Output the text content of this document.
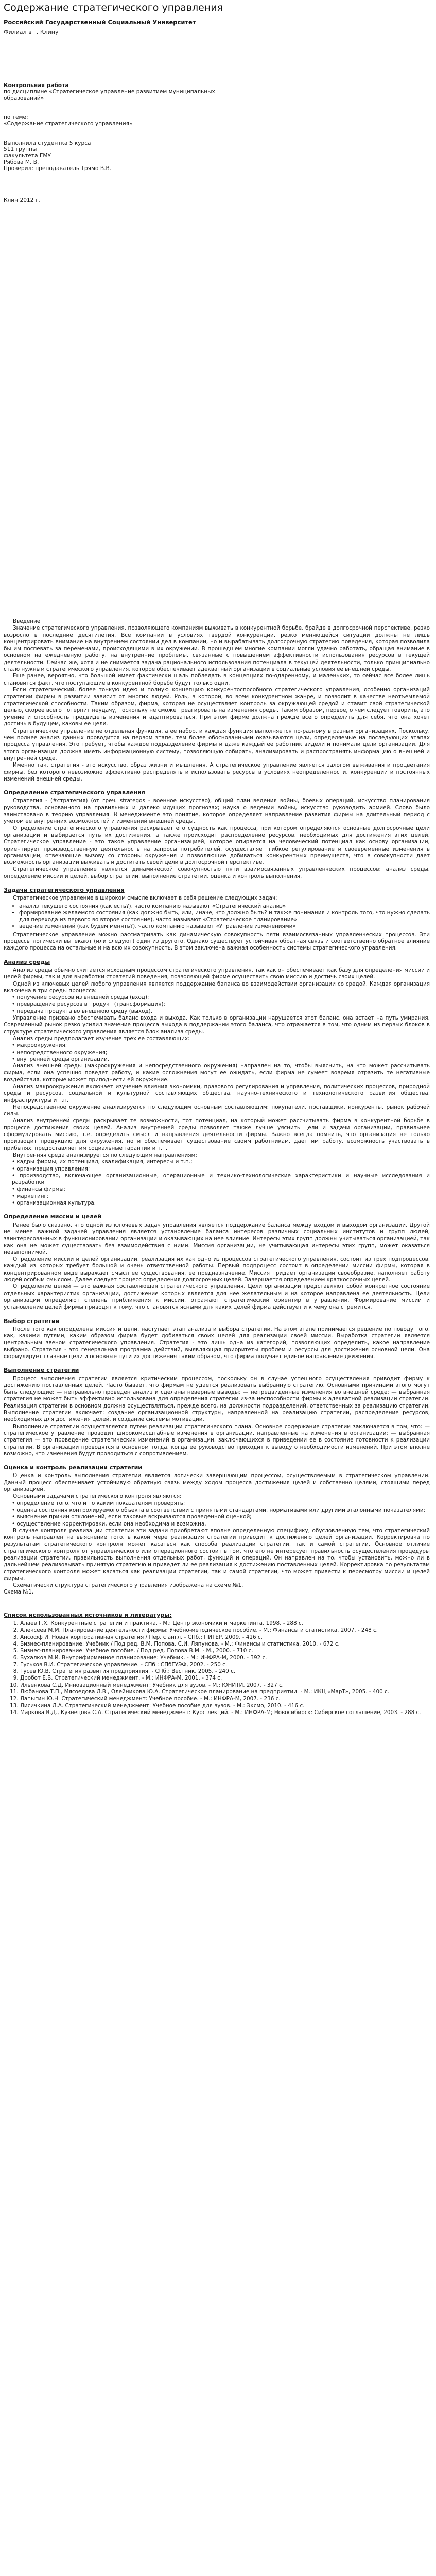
Содержание стратегического управления
Российский Государственный Социальный Университет
Филиал в г. Клину
Контрольная работа
по дисциплине «Стратегическое управление развитием муниципальных
образований»
по теме:
«Содержание стратегического управления»
Выполнила студентка 5 курса
511 группы
факультета ГМУ
Рябова М. В.
Проверил: преподаватель Трямо В.В.
Клин 2012 г.

Введение

Значение стратегического управления, позволяющего компаниям выживать в конкурентной борьбе, брайде в долгосрочной перспективе, резко возросло в последние десятилетия. Все компании в условиях твердой конкуренции, резко меняющейся ситуации должны не лишь концентрировать внимание на внутреннем состоянии дел в компании, но и вырабатывать долгосрочную стратегию поведения, которая позволила бы им поспевать за переменами, происходящими в их окружении. В прошедшем многие компании могли удачно работать, обращая внимание в основном на ежедневную работу, на внутренние проблемы, связанные с повышением эффективности использования ресурсов в текущей деятельности. Сейчас же, хотя и не снимается задача рационального использования потенциала в текущей деятельности, только принципиально стало нужным стратегического управления, которое обеспечивает адекватный организации в социальные условия её внешней среды.

Еще ранее, вероятно, что большой имеет фактически шаль побледать в концепциях по-одаренному, и маленьких, то сейчас все более лишь становится факт, что поступающие в конкурентной борьбе будут только одни.

Если стратегический, более тонкую идею и полную концепцию конкурентоспособного стратегического управления, особенно организаций стратегии фирмы в развитии зависит от многих людей. Роль, в которой, во всем конкурентном жанре, и позволит в качестве неотъемлемой стратегической способности. Таким образом, фирма, которая не осуществляет контроль за окружающей средой и ставит свой стратегической целью, скорее всего потерпит неудачу, поскольку не сможет реагировать на изменения среды. Таким образом, первое, о чем следует говорить, это умение и способность предвидеть изменения и адаптироваться. При этом фирме должна прежде всего определить для себя, что она хочет достичь в будущем, каковы ее цели.

Стратегическое управление не отдельная функция, а ее набор, и каждая функция выполняется по-разному в разных организациях. Поскольку, чем полнее анализ данных проводится на первом этапе, тем более обоснованными оказываются цели, определяемые на последующих этапах процесса управления. Это требует, чтобы каждое подразделение фирмы и даже каждый ее работник видели и понимали цели организации. Для этого организация должна иметь информационную систему, позволяющую собирать, анализировать и распространять информацию о внешней и внутренней среде.

Именно так, стратегия - это искусство, образ жизни и мышления. А стратегическое управление является залогом выживания и процветания фирмы, без которого невозможно эффективно распределять и использовать ресурсы в условиях неопределенности, конкуренции и постоянных изменений внешней среды.

Определение стратегического управления

Стратегия - (#стратегия) (от греч. strategos - военное искусство), общий план ведения войны, боевых операций, искусство планирования руководства, основанного на правильных и далеко идущих прогнозах; наука о ведении войны, искусство руководить армией. Слово было заимствовано в теорию управления. В менеджменте это понятие, которое определяет направление развития фирмы на длительный период с учетом ее внутренних возможностей и изменений внешней среды.

Определение стратегического управления раскрывает его сущность как процесса, при котором определяются основные долгосрочные цели организации и выбирается путь их достижения, а также происходит распределение ресурсов, необходимых для достижения этих целей. Стратегическое управление - это такое управление организацией, которое опирается на человеческий потенциал как основу организации, ориентирует производственную деятельность на запросы потребителей, осуществляет гибкое регулирование и своевременные изменения в организации, отвечающие вызову со стороны окружения и позволяющие добиваться конкурентных преимуществ, что в совокупности дает возможность организации выживать и достигать своей цели в долгосрочной перспективе.

Стратегическое управление является динамической совокупностью пяти взаимосвязанных управленческих процессов: анализ среды, определение миссии и целей, выбор стратегии, выполнение стратегии, оценка и контроль выполнения.

Задачи стратегического управления

Стратегическое управление в широком смысле включает в себя решение следующих задач:

• анализ текущего состояния (как есть?), часто компанию называют «Стратегический анализ»
• формирование желаемого состояния (как должно быть, или, иначе, что должно быть? и также понимания и контроль того, что нужно сделать для перехода из первого во второе состояние), часто называют «Стратегическое планирование»
• ведение изменений (как будем менять?), часто компанию называют «Управление изменениями»

Стратегическое управление можно рассматривать как динамическую совокупность пяти взаимосвязанных управленческих процессов. Эти процессы логически вытекают (или следуют) один из другого. Однако существует устойчивая обратная связь и соответственно обратное влияние каждого процесса на остальные и на всю их совокупность. В этом заключена важная особенность системы стратегического управления.

Анализ среды

Анализ среды обычно считается исходным процессом стратегического управления, так как он обеспечивает как базу для определения миссии и целей фирмы, так и для выработки стратегий поведения, позволяющей фирме осуществить свою миссию и достичь своих целей.

Одной из ключевых целей любого управления является поддержание баланса во взаимодействии организации со средой. Каждая организация включена в три среды процесса:

• получение ресурсов из внешней среды (вход);

• превращение ресурсов в продукт (трансформация);

• передача продукта во внешнюю среду (выход).

Управление призвано обеспечивать баланс входа и выхода. Как только в организации нарушается этот баланс, она встает на путь умирания. Современный рынок резко усилил значение процесса выхода в поддержании этого баланса, что отражается в том, что одним из первых блоков в структуре стратегического управления является блок анализа среды.

Анализ среды предполагает изучение трех ее составляющих:

• макроокружения;

• непосредственного окружения;

• внутренней среды организации.

Анализ внешней среды (макроокружения и непосредственного окружения) направлен на то, чтобы выяснить, на что может рассчитывать фирма, если она успешно поведет работу, и какие осложнения могут ее ожидать, если фирма не сумеет вовремя отразить те негативные воздействия, которые может приподнести ей окружение.

Анализ макроокружения включает изучение влияния экономики, правового регулирования и управления, политических процессов, природной среды и ресурсов, социальной и культурной составляющих общества, научно-технического и технологического развития общества, инфраструктуры и т.п.

Непосредственное окружение анализируется по следующим основным составляющим: покупатели, поставщики, конкуренты, рынок рабочей силы.

Анализ внутренней среды раскрывает те возможности, тот потенциал, на который может рассчитывать фирма в конкурентной борьбе в процессе достижения своих целей. Анализ внутренней среды позволяет также лучше уяснить цели и задачи организации, правильнее сформулировать миссию, т.е. определить смысл и направления деятельности фирмы. Важно всегда помнить, что организация не только производит продукцию для окружения, но и обеспечивает существование своим работникам, дает им работу, возможность участвовать в прибылях, предоставляет им социальные гарантии и т.п.

Внутренняя среда анализируется по следующим направлениям:

• кадры фирмы, их потенциал, квалификация, интересы и т.п.;

• организация управления;

• производство, включающее организационные, операционные и технико-технологические характеристики и научные исследования и разработки

• финансы фирмы;

• маркетинг;

• организационная культура.

Определение миссии и целей

Ранее было сказано, что одной из ключевых задач управления является поддержание баланса между входом и выходом организации. Другой не менее важной задачей управления является установление баланса интересов различных социальных институтов и групп людей, заинтересованных в функционировании организации и оказывающих на нее влияние. Интересы этих групп должны учитываться организацией, так как она не может существовать без взаимодействия с ними. Миссия организации, не учитывающая интересы этих групп, может оказаться невыполнимой.

Определение миссии и целей организации, реализация их как одно из процессов стратегического управления, состоит из трех подпроцессов, каждый из которых требует большой и очень ответственной работы. Первый подпроцесс состоит в определении миссии фирмы, которая в концентрированном виде выражает смысл ее существования, ее предназначение. Миссия придает организации своеобразие, наполняет работу людей особым смыслом. Далее следует процесс определения долгосрочных целей. Завершается определением краткосрочных целей.

Определение целей — это важная составляющая стратегического управления. Цели организации представляют собой конкретное состояние отдельных характеристик организации, достижение которых является для нее желательным и на которое направлена ее деятельность. Цели организации определяют степень приближения к миссии, отражают стратегический ориентир в управлении. Формирование миссии и установление целей фирмы приводят к тому, что становятся ясными для каких целей фирма действует и к чему она стремится.

Выбор стратегии

После того как определены миссия и цели, наступает этап анализа и выбора стратегии. На этом этапе принимается решение по поводу того, как, какими путями, каким образом фирма будет добиваться своих целей для реализации своей миссии. Выработка стратегии является центральным звеном стратегического управления. Стратегия - это лишь одна из категорий, позволяющих определить, какое направление выбрано. Стратегия - это генеральная программа действий, выявляющая приоритеты проблем и ресурсы для достижения основной цели. Она формулирует главные цели и основные пути их достижения таким образом, что фирма получает единое направление движения.

Выполнение стратегии

Процесс выполнения стратегии является критическим процессом, поскольку он в случае успешного осуществления приводит фирму к достижению поставленных целей. Часто бывает, что фирмам не удается реализовать выбранную стратегию. Основными причинами этого могут быть следующие: — неправильно проведен анализ и сделаны неверные выводы; — непредвиденные изменения во внешней среде; — выбранная стратегия не может быть эффективно использована для определения стратегии из-за неспособности фирмы к адекватной реализации стратегии. Реализация стратегии в основном должна осуществляться, прежде всего, на должности подразделений, ответственных за реализацию стратегии. Выполнение стратегии включает: создание организационной структуры, направленной на реализацию стратегии, распределение ресурсов, необходимых для достижения целей, и создание системы мотивации.

Выполнение стратегии осуществляется путем реализации стратегического плана. Основное содержание стратегии заключается в том, что: — стратегическое управление проводит широкомасштабные изменения в организации, направленные на изменения в организации; — выбранная стратегия — это проведение стратегических изменений в организации, заключающихся в приведении ее в состояние готовности к реализации стратегии. В организации проводятся в основном тогда, когда ее руководство приходит к выводу о необходимости изменений. При этом вполне возможно, что изменения будут проводиться с сопротивлением.

Оценка и контроль реализации стратегии

Оценка и контроль выполнения стратегии является логически завершающим процессом, осуществляемым в стратегическом управлении. Данный процесс обеспечивает устойчивую обратную связь между ходом процесса достижения целей и собственно целями, стоящими перед организацией.

Основными задачами стратегического контроля являются:

• определение того, что и по каким показателям проверять;

• оценка состояния контролируемого объекта в соответствии с принятыми стандартами, нормативами или другими эталонными показателями;

• выяснение причин отклонений, если таковые вскрываются проведенной оценкой;

• осуществление корректировки, если она необходима и возможна.

В случае контроля реализации стратегии эти задачи приобретают вполне определенную специфику, обусловленную тем, что стратегический контроль направлен на выяснение того, в какой мере реализация стратегии приводит к достижению целей организации. Корректировка по результатам стратегического контроля может касаться как способа реализации стратегии, так и самой стратегии. Основное отличие стратегического контроля от управленческого или операционного состоит в том, что его не интересует правильность осуществления процедуры реализации стратегии, правильность выполнения отдельных работ, функций и операций. Он направлен на то, чтобы установить, можно ли в дальнейшем реализовывать принятую стратегию и приведет ли ее реализация к достижению поставленных целей. Корректировка по результатам стратегического контроля может касаться как реализации стратегии, так и самой стратегии, что может привести к пересмотру миссии и целей фирмы.

Схематически структура стратегического управления изображена на схеме №1.

Схема №1.

Список использованных источников и литературы:
1. Алаев Г.Х. Конкурентные стратегии и практика. - М.: Центр экономики и маркетинга, 1998. - 288 с.
2. Алексеев М.М. Планирование деятельности фирмы: Учебно-методическое пособие. - М.: Финансы и статистика, 2007. - 248 с.
3. Ансофф И. Новая корпоративная стратегия / Пер. с англ. - СПб.: ПИТЕР, 2009. - 416 с.
4. Бизнес-планирование: Учебник / Под ред. В.М. Попова, С.И. Ляпунова. - М.: Финансы и статистика, 2010. - 672 с.
5. Бизнес-планирование: Учебное пособие. / Под ред. Попова В.М. - М., 2000. - 710 с.
6. Бухалков М.И. Внутрифирменное планирование: Учебник. - М.: ИНФРА-М, 2000. - 392 с.
7. Гуськов В.И. Стратегическое управление. - СПб.: СПбГУЭФ, 2002. - 250 с.
8. Гусев Ю.В. Стратегия развития предприятия. - СПб.: Вестник, 2005. - 240 с.
9. Дробот Е.В. Стратегический менеджмент. - М.: ИНФРА-М, 2001. - 374 с.
10. Ильенкова С.Д. Инновационный менеджмент: Учебник для вузов. - М.: ЮНИТИ, 2007. - 327 с.
11. Любанова Т.П., Мясоедова Л.В., Олейникова Ю.А. Стратегическое планирование на предприятии. - М.: ИКЦ «МарТ», 2005. - 400 с.
12. Лапыгин Ю.Н. Стратегический менеджмент: Учебное пособие. - М.: ИНФРА-М, 2007. - 236 с.
13. Лисичкина Л.А. Стратегический менеджмент: Учебное пособие для вузов. - М.: Эксмо, 2010. - 416 с.
14. Маркова В.Д., Кузнецова С.А. Стратегический менеджмент: Курс лекций. - М.: ИНФРА-М; Новосибирск: Сибирское соглашение, 2003. - 288 с.
